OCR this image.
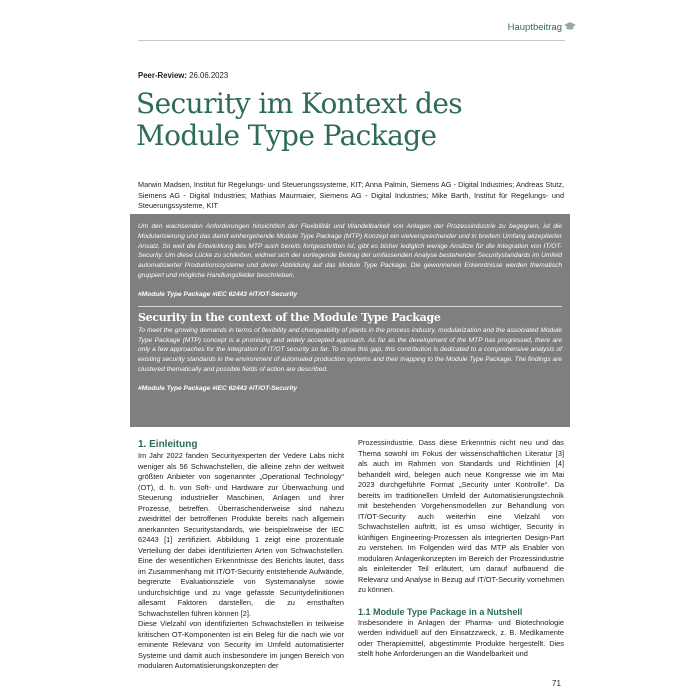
Hauptbeitrag
Peer-Review: 26.06.2023
Security im Kontext des Module Type Package
Marwin Madsen, Institut für Regelungs- und Steuerungssysteme, KIT; Anna Palmin, Siemens AG - Digital Industries; Andreas Stutz, Siemens AG - Digital Industries; Mathias Maurmaier, Siemens AG - Digital Industries; Mike Barth, Institut für Regelungs- und Steuerungssysteme, KIT

Um den wachsenden Anforderungen hinsichtlich der Flexibilität und Wandelbarkeit von Anlagen der Prozessindustrie zu begegnen, ist die Modularisierung und das damit einhergehende Module Type Package (MTP) Konzept ein vielversprechender und in breitem Umfang akzeptierter Ansatz. So weit die Entwicklung des MTP auch bereits fortgeschritten ist, gibt es bisher lediglich wenige Ansätze für die Integration von IT/OT-Security. Um diese Lücke zu schließen, widmet sich der vorliegende Beitrag der umfassenden Analyse bestehender Securitystandards im Umfeld automatisierter Produktionssysteme und deren Abbildung auf das Module Type Package. Die gewonnenen Erkenntnisse werden thematisch gruppiert und mögliche Handlungsfelder beschrieben.

#Module Type Package #IEC 62443 #IT/OT-Security

Security in the context of the Module Type Package

To meet the growing demands in terms of flexibility and changeability of plants in the process industry, modularization and the associated Module Type Package (MTP) concept is a promising and widely accepted approach. As far as the development of the MTP has progressed, there are only a few approaches for the integration of IT/OT security so far. To close this gap, this contribution is dedicated to a comprehensive analysis of existing security standards in the environment of automated production systems and their mapping to the Module Type Package. The findings are clustered thematically and possible fields of action are described.

#Module Type Package #IEC 62443 #IT/OT-Security

1. Einleitung

Im Jahr 2022 fanden Securityexperten der Vedere Labs nicht weniger als 56 Schwachstellen, die alleine zehn der weltweit größten Anbieter von sogenannter „Operational Technology“ (OT), d. h. von Soft- und Hardware zur Überwachung und Steuerung industrieller Maschinen, Anlagen und ihrer Prozesse, betreffen. Überraschenderweise sind nahezu zweidrittel der betroffenen Produkte bereits nach allgemein anerkannten Securitystandards, wie beispielsweise der IEC 62443 [1] zertifiziert. Abbildung 1 zeigt eine prozentuale Verteilung der dabei identifizierten Arten von Schwachstellen. Eine der wesentlichen Erkenntnisse des Berichts lautet, dass im Zusammenhang mit IT/OT-Security entstehende Aufwände, begrenzte Evaluationsziele von Systemanalyse sowie undurchsichtige und zu vage gefasste Securitydefinitionen allesamt Faktoren darstellen, die zu ernsthaften Schwachstellen führen können [2].

Diese Vielzahl von identifizierten Schwachstellen in teilweise kritischen OT-Komponenten ist ein Beleg für die nach wie vor eminente Relevanz von Security im Umfeld automatisierter Systeme und damit auch insbesondere im jungen Bereich von modularen Automatisierungskonzepten der

Prozessindustrie. Dass diese Erkenntnis nicht neu und das Thema sowohl im Fokus der wissenschaftlichen Literatur [3] als auch im Rahmen von Standards und Richtlinien [4] behandelt wird, belegen auch neue Kongresse wie im Mai 2023 durchgeführte Format „Security unter Kontrolle“. Da bereits im traditionellen Umfeld der Automatisierungstechnik mit bestehenden Vorgehensmodellen zur Behandlung von IT/OT-Security auch weiterhin eine Vielzahl von Schwachstellen auftritt, ist es umso wichtiger, Security in künftigen Engineering-Prozessen als integrierten Design-Part zu verstehen. Im Folgenden wird das MTP als Enabler von modularen Anlagenkonzepten im Bereich der Prozessindustrie als einleitender Teil erläutert, um darauf aufbauend die Relevanz und Analyse in Bezug auf IT/OT-Security vornehmen zu können.

1.1 Module Type Package in a Nutshell

Insbesondere in Anlagen der Pharma- und Biotechnologie werden individuell auf den Einsatzzweck, z. B. Medikamente oder Therapiemittel, abgestimmte Produkte hergestellt. Dies stellt hohe Anforderungen an die Wandelbarkeit und

71
